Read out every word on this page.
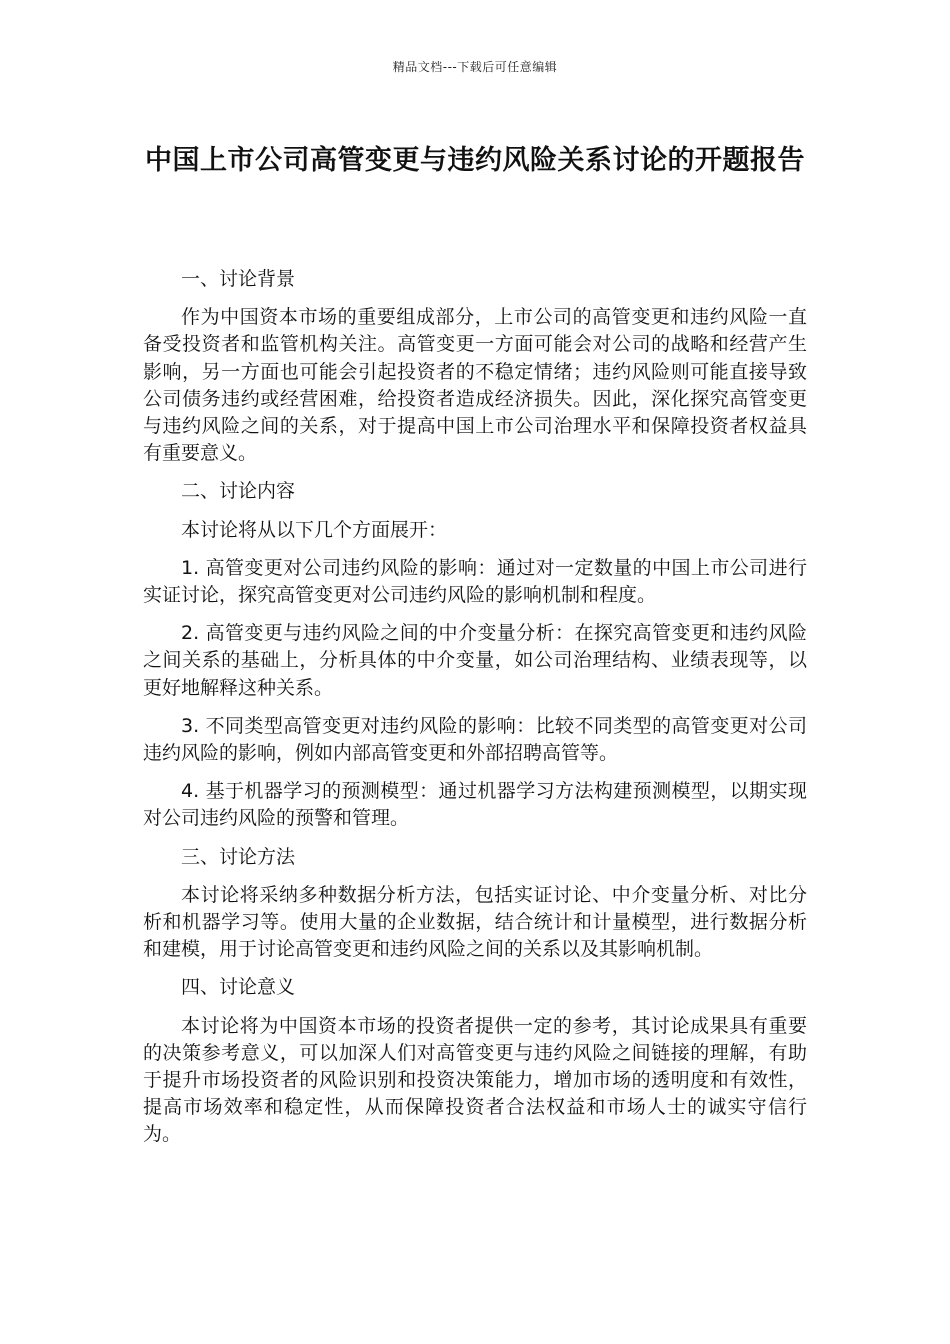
精品文档---下载后可任意编辑
中国上市公司高管变更与违约风险关系讨论的开题报告

一、讨论背景

作为中国资本市场的重要组成部分，上市公司的高管变更和违约风险一直备受投资者和监管机构关注。高管变更一方面可能会对公司的战略和经营产生影响，另一方面也可能会引起投资者的不稳定情绪；违约风险则可能直接导致公司债务违约或经营困难，给投资者造成经济损失。因此，深化探究高管变更与违约风险之间的关系，对于提高中国上市公司治理水平和保障投资者权益具有重要意义。

二、讨论内容

本讨论将从以下几个方面展开：

1. 高管变更对公司违约风险的影响：通过对一定数量的中国上市公司进行实证讨论，探究高管变更对公司违约风险的影响机制和程度。

2. 高管变更与违约风险之间的中介变量分析：在探究高管变更和违约风险之间关系的基础上，分析具体的中介变量，如公司治理结构、业绩表现等，以更好地解释这种关系。

3. 不同类型高管变更对违约风险的影响：比较不同类型的高管变更对公司违约风险的影响，例如内部高管变更和外部招聘高管等。

4. 基于机器学习的预测模型：通过机器学习方法构建预测模型，以期实现对公司违约风险的预警和管理。

三、讨论方法

本讨论将采纳多种数据分析方法，包括实证讨论、中介变量分析、对比分析和机器学习等。使用大量的企业数据，结合统计和计量模型，进行数据分析和建模，用于讨论高管变更和违约风险之间的关系以及其影响机制。

四、讨论意义

本讨论将为中国资本市场的投资者提供一定的参考，其讨论成果具有重要的决策参考意义，可以加深人们对高管变更与违约风险之间链接的理解，有助于提升市场投资者的风险识别和投资决策能力，增加市场的透明度和有效性，提高市场效率和稳定性，从而保障投资者合法权益和市场人士的诚实守信行为。
